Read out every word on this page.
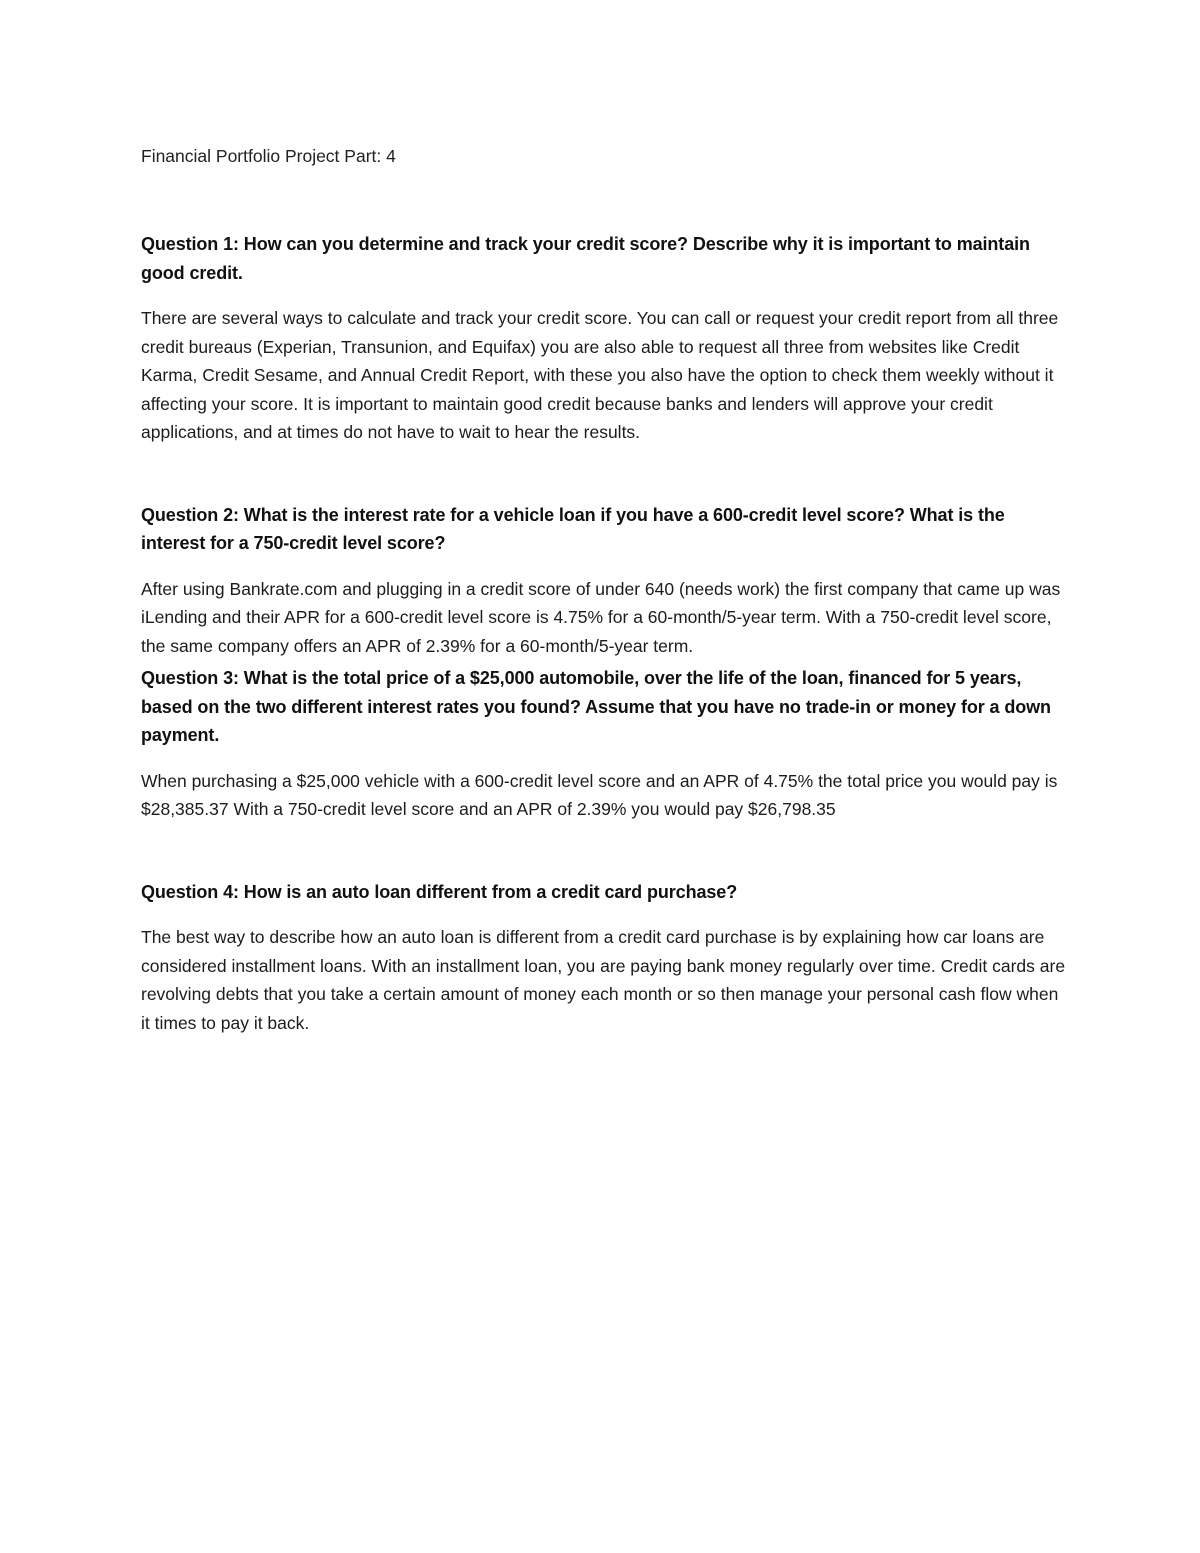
Financial Portfolio Project Part: 4

Question 1: How can you determine and track your credit score? Describe why it is important to maintain good credit.

There are several ways to calculate and track your credit score. You can call or request your credit report from all three credit bureaus (Experian, Transunion, and Equifax) you are also able to request all three from websites like Credit Karma, Credit Sesame, and Annual Credit Report, with these you also have the option to check them weekly without it affecting your score. It is important to maintain good credit because banks and lenders will approve your credit applications, and at times do not have to wait to hear the results.

Question 2: What is the interest rate for a vehicle loan if you have a 600-credit level score? What is the interest for a 750-credit level score?

After using Bankrate.com and plugging in a credit score of under 640 (needs work) the first company that came up was iLending and their APR for a 600-credit level score is 4.75% for a 60-month/5-year term. With a 750-credit level score, the same company offers an APR of 2.39% for a 60-month/5-year term.

Question 3: What is the total price of a $25,000 automobile, over the life of the loan, financed for 5 years, based on the two different interest rates you found? Assume that you have no trade-in or money for a down payment.

When purchasing a $25,000 vehicle with a 600-credit level score and an APR of 4.75% the total price you would pay is $28,385.37 With a 750-credit level score and an APR of 2.39% you would pay $26,798.35

Question 4: How is an auto loan different from a credit card purchase?

The best way to describe how an auto loan is different from a credit card purchase is by explaining how car loans are considered installment loans. With an installment loan, you are paying bank money regularly over time. Credit cards are revolving debts that you take a certain amount of money each month or so then manage your personal cash flow when it times to pay it back.
